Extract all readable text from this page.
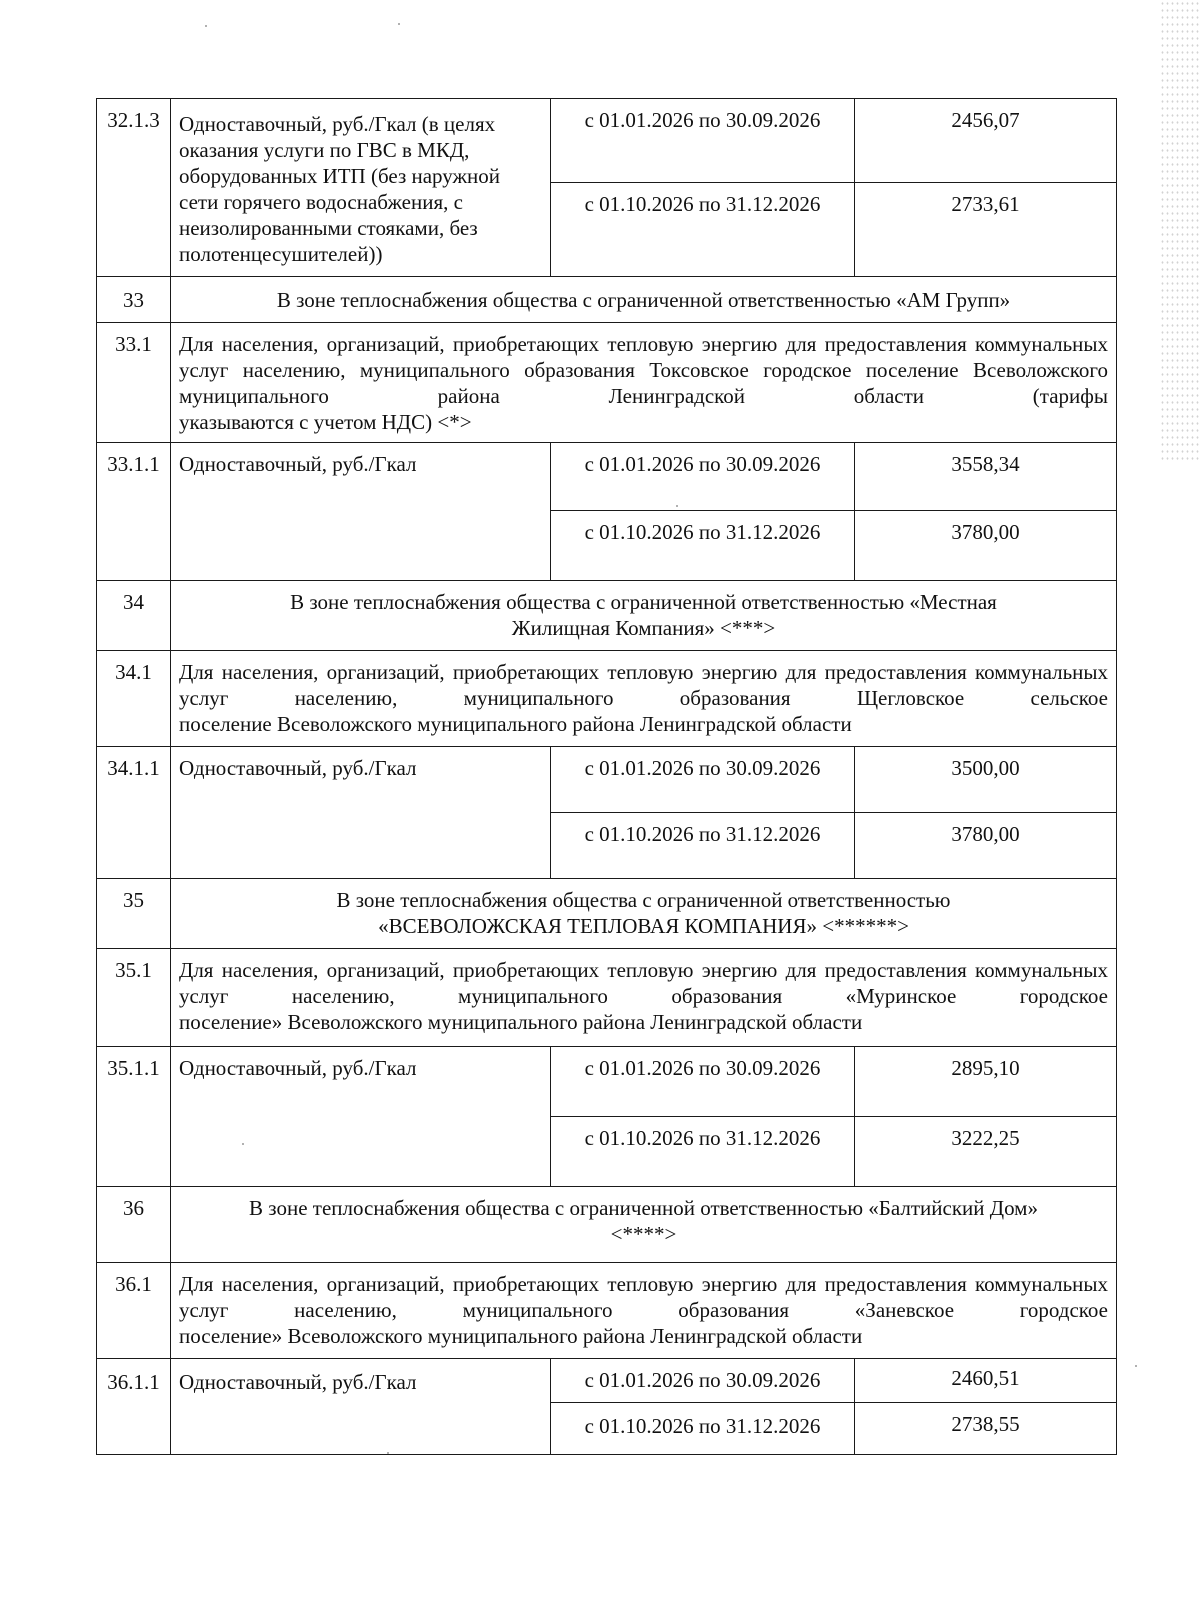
32.1.3	Одноставочный, руб./Гкал (в целях оказания услуги по ГВС в МКД, оборудованных ИТП (без наружной сети горячего водоснабжения, с неизолированными стояками, без полотенцесушителей))	с 01.01.2026 по 30.09.2026	2456,07
		с 01.10.2026 по 31.12.2026	2733,61
33	В зоне теплоснабжения общества с ограниченной ответственностью «АМ Групп»		
33.1	Для населения, организаций, приобретающих тепловую энергию для предоставления коммунальных услуг населению, муниципального образования Токсовское городское поселение Всеволожского муниципального района Ленинградской области (тарифы
указываются с учетом НДС) <*>		

33.1.1	Одноставочный, руб./Гкал	с 01.01.2026 по 30.09.2026	3558,34
		с 01.10.2026 по 31.12.2026	3780,00
34	В зоне теплоснабжения общества с ограниченной ответственностью «Местная
Жилищная Компания» <***>		

34.1	Для населения, организаций, приобретающих тепловую энергию для предоставления коммунальных услуг населению, муниципального образования Щегловское сельское
поселение Всеволожского муниципального района Ленинградской области		

34.1.1	Одноставочный, руб./Гкал	с 01.01.2026 по 30.09.2026	3500,00
		с 01.10.2026 по 31.12.2026	3780,00
35	В зоне теплоснабжения общества с ограниченной ответственностью
«ВСЕВОЛОЖСКАЯ ТЕПЛОВАЯ КОМПАНИЯ» <******>		

35.1	Для населения, организаций, приобретающих тепловую энергию для предоставления коммунальных услуг населению, муниципального образования «Муринское городское
поселение» Всеволожского муниципального района Ленинградской области		

35.1.1	Одноставочный, руб./Гкал	с 01.01.2026 по 30.09.2026	2895,10
		с 01.10.2026 по 31.12.2026	3222,25
36	В зоне теплоснабжения общества с ограниченной ответственностью «Балтийский Дом»
<****>		

36.1	Для населения, организаций, приобретающих тепловую энергию для предоставления коммунальных услуг населению, муниципального образования «Заневское городское
поселение» Всеволожского муниципального района Ленинградской области		

36.1.1	Одноставочный, руб./Гкал	с 01.01.2026 по 30.09.2026	2460,51
		с 01.10.2026 по 31.12.2026	2738,55
